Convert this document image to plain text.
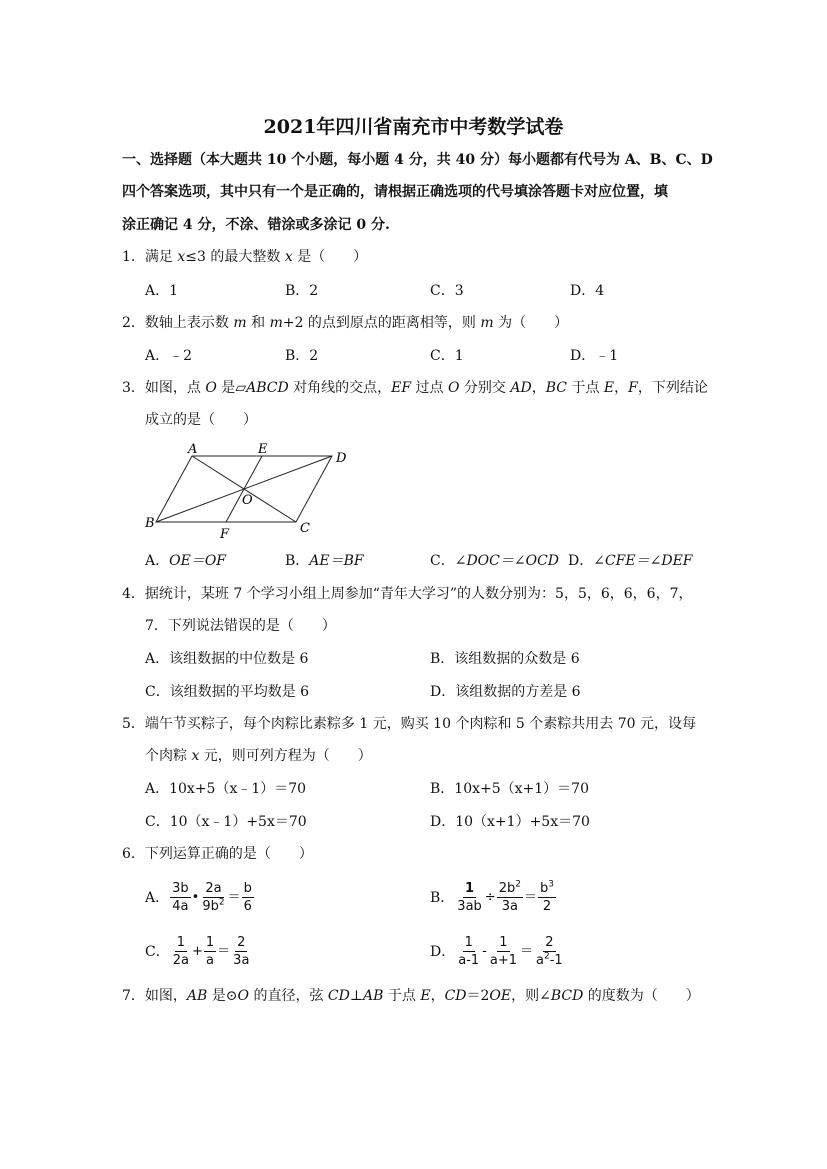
2021年四川省南充市中考数学试卷
一、选择题（本大题共 10 个小题，每小题 4 分，共 40 分）每小题都有代号为 A、B、C、D
四个答案选项，其中只有一个是正确的，请根据正确选项的代号填涂答题卡对应位置，填
涂正确记 4 分，不涂、错涂或多涂记 0 分.
1．满足 x≤3 的最大整数 x 是（　　）
A．1	B．2	C．3	D．4
2．数轴上表示数 m 和 m+2 的点到原点的距离相等，则 m 为（　　）
A．﹣2	B．2	C．1	D．﹣1
3．如图，点 O 是▱ABCD 对角线的交点，EF 过点 O 分别交 AD，BC 于点 E，F，下列结论
成立的是（　　）
A	E
D
O
B
F	C
A．OE＝OF	B．AE＝BF	C．∠DOC＝∠OCD D．∠CFE＝∠DEF
4．据统计，某班 7 个学习小组上周参加“青年大学习”的人数分别为：5，5，6，6，6，7，
7．下列说法错误的是（　　）
A．该组数据的中位数是 6	B．该组数据的众数是 6
C．该组数据的平均数是 6	D．该组数据的方差是 6
5．端午节买粽子，每个肉粽比素粽多 1 元，购买 10 个肉粽和 5 个素粽共用去 70 元，设每
个肉粽 x 元，则可列方程为（　　）
A．10x+5（x﹣1）＝70	B．10x+5（x+1）＝70
C．10（x﹣1）+5x＝70	D．10（x+1）+5x＝70
6．下列运算正确的是（　　）
A． $\frac{3b}{4a}$ • $\frac{2a}{9b^2} = \frac{b}{6}$	B． $\frac{1}{3ab} \div \frac{2b^2}{3a} = \frac{b^3}{2}$
C． $\frac{1}{2a} + \frac{1}{a} = \frac{2}{3a}$	D． $\frac{1}{a-1} - \frac{1}{a+1} = \frac{2}{a^2-1}$
7．如图，AB 是⊙O 的直径，弦 CD⊥AB 于点 E，CD＝2OE，则∠BCD 的度数为（　　）
